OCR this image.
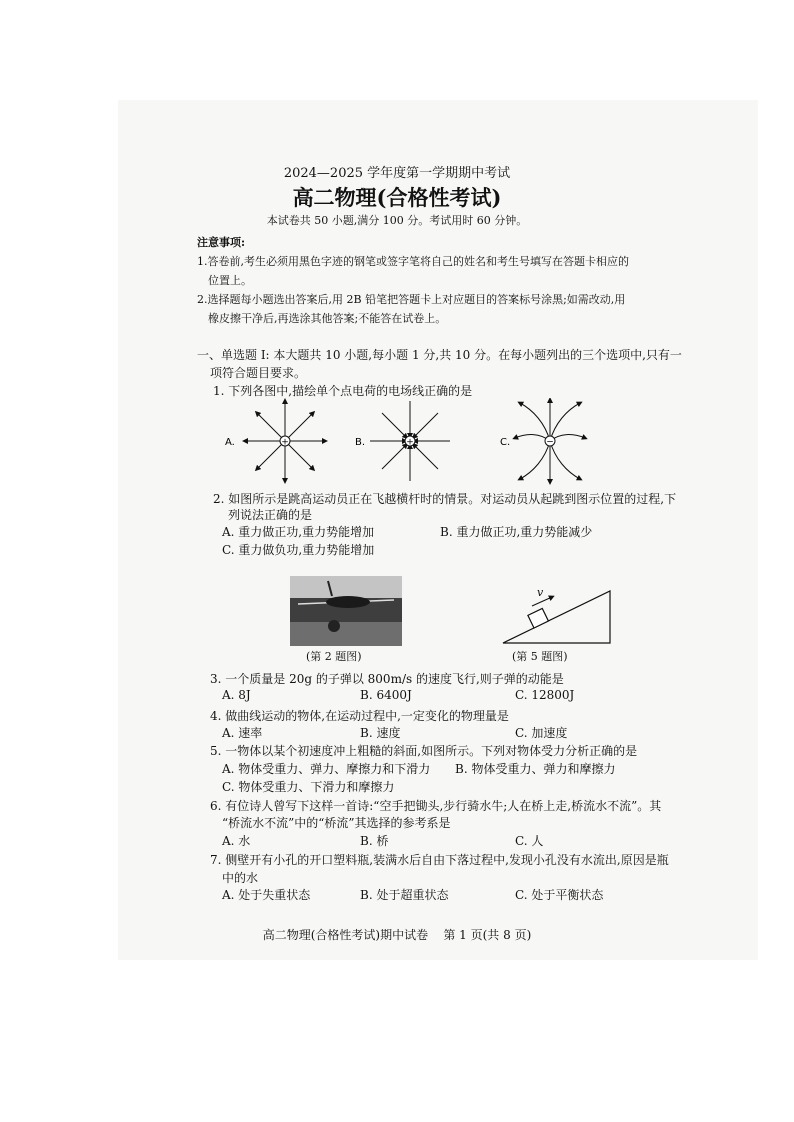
2024—2025 学年度第一学期期中考试
高二物理(合格性考试)
本试卷共 50 小题,满分 100 分。考试用时 60 分钟。
注意事项:
1.答卷前,考生必须用黑色字迹的钢笔或签字笔将自己的姓名和考生号填写在答题卡相应的
位置上。
2.选择题每小题选出答案后,用 2B 铅笔把答题卡上对应题目的答案标号涂黑;如需改动,用
橡皮擦干净后,再选涂其他答案;不能答在试卷上。
一、单选题 Ⅰ: 本大题共 10 小题,每小题 1 分,共 10 分。在每小题列出的三个选项中,只有一
项符合题目要求。
1. 下列各图中,描绘单个点电荷的电场线正确的是
A.	+	B.	+	C.	−
2. 如图所示是跳高运动员正在飞越横杆时的情景。对运动员从起跳到图示位置的过程,下
列说法正确的是
A. 重力做正功,重力势能增加	B. 重力做正功,重力势能减少
C. 重力做负功,重力势能增加
(第 2 题图)
v
(第 5 题图)
3. 一个质量是 20g 的子弹以 800m/s 的速度飞行,则子弹的动能是
A. 8J	B. 6400J	C. 12800J
4. 做曲线运动的物体,在运动过程中,一定变化的物理量是
A. 速率	B. 速度	C. 加速度
5. 一物体以某个初速度冲上粗糙的斜面,如图所示。下列对物体受力分析正确的是
A. 物体受重力、弹力、摩擦力和下滑力 B. 物体受重力、弹力和摩擦力
C. 物体受重力、下滑力和摩擦力
6. 有位诗人曾写下这样一首诗:“空手把锄头,步行骑水牛;人在桥上走,桥流水不流”。其
“桥流水不流”中的“桥流”其选择的参考系是
A. 水	B. 桥	C. 人
7. 侧壁开有小孔的开口塑料瓶,装满水后自由下落过程中,发现小孔没有水流出,原因是瓶
中的水
A. 处于失重状态	B. 处于超重状态	C. 处于平衡状态
高二物理(合格性考试)期中试卷    第 1 页(共 8 页)
